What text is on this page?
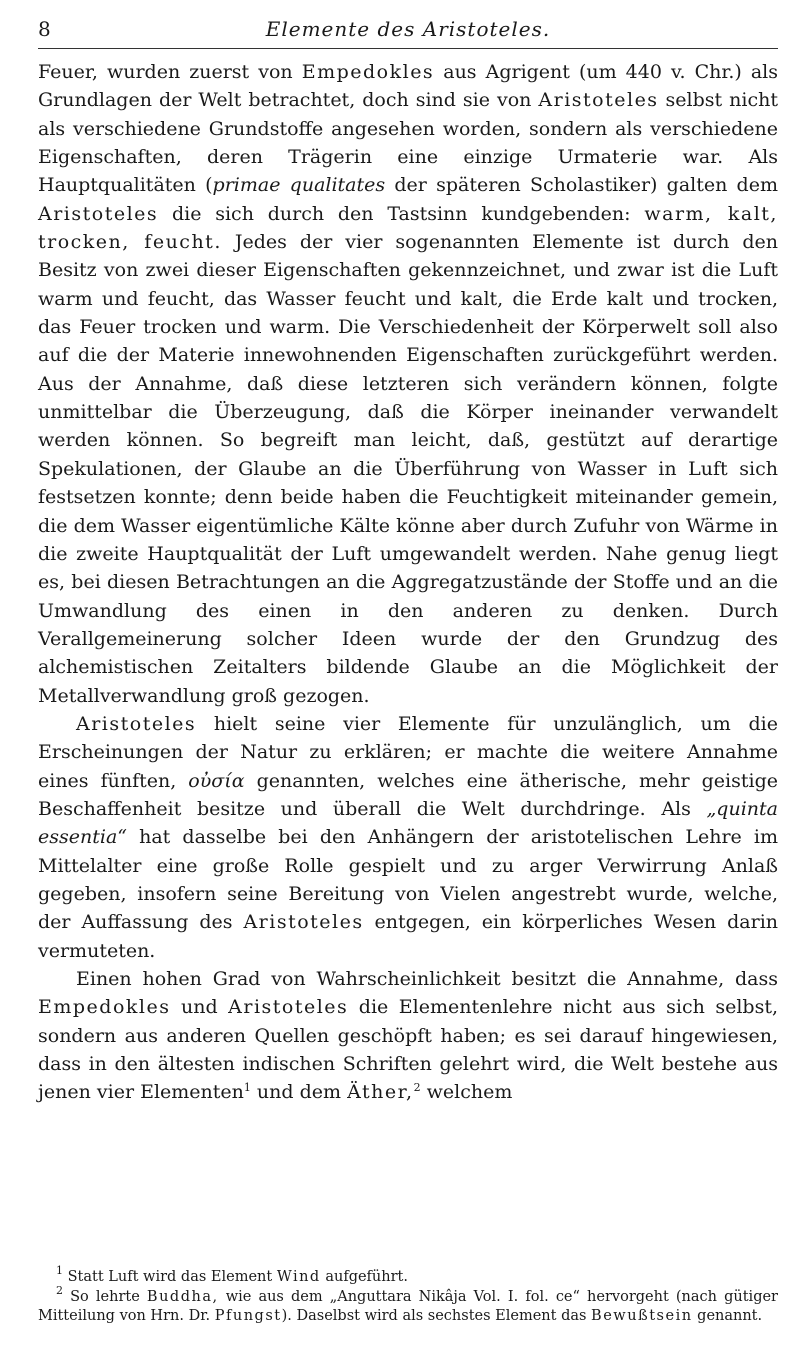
8	Elemente des Aristoteles.

Feuer, wurden zuerst von Empedokles aus Agrigent (um 440 v. Chr.) als Grundlagen der Welt betrachtet, doch sind sie von Aristoteles selbst nicht als verschiedene Grundstoffe angesehen worden, sondern als verschiedene Eigenschaften, deren Trägerin eine einzige Urmaterie war. Als Hauptqualitäten (primae qualitates der späteren Scholastiker) galten dem Aristoteles die sich durch den Tastsinn kundgebenden: warm, kalt, trocken, feucht. Jedes der vier sogenannten Elemente ist durch den Besitz von zwei dieser Eigenschaften gekennzeichnet, und zwar ist die Luft warm und feucht, das Wasser feucht und kalt, die Erde kalt und trocken, das Feuer trocken und warm. Die Verschiedenheit der Körperwelt soll also auf die der Materie innewohnenden Eigenschaften zurückgeführt werden. Aus der Annahme, daß diese letzteren sich verändern können, folgte unmittelbar die Überzeugung, daß die Körper ineinander verwandelt werden können. So begreift man leicht, daß, gestützt auf derartige Spekulationen, der Glaube an die Überführung von Wasser in Luft sich festsetzen konnte; denn beide haben die Feuchtigkeit miteinander gemein, die dem Wasser eigentümliche Kälte könne aber durch Zufuhr von Wärme in die zweite Hauptqualität der Luft umgewandelt werden. Nahe genug liegt es, bei diesen Betrachtungen an die Aggregatzustände der Stoffe und an die Umwandlung des einen in den anderen zu denken. Durch Verallgemeinerung solcher Ideen wurde der den Grundzug des alchemistischen Zeitalters bildende Glaube an die Möglichkeit der Metallverwandlung groß gezogen.

Aristoteles hielt seine vier Elemente für unzulänglich, um die Erscheinungen der Natur zu erklären; er machte die weitere Annahme eines fünften, οὐσία genannten, welches eine ätherische, mehr geistige Beschaffenheit besitze und überall die Welt durchdringe. Als „quinta essentia“ hat dasselbe bei den Anhängern der aristotelischen Lehre im Mittelalter eine große Rolle gespielt und zu arger Verwirrung Anlaß gegeben, insofern seine Bereitung von Vielen angestrebt wurde, welche, der Auffassung des Aristoteles entgegen, ein körperliches Wesen darin vermuteten.

Einen hohen Grad von Wahrscheinlichkeit besitzt die Annahme, dass Empedokles und Aristoteles die Elementenlehre nicht aus sich selbst, sondern aus anderen Quellen geschöpft haben; es sei darauf hingewiesen, dass in den ältesten indischen Schriften gelehrt wird, die Welt bestehe aus jenen vier Elementen$^1$ und dem Äther,$^2$ welchem

$^1$ Statt Luft wird das Element Wind aufgeführt.

$^2$ So lehrte Buddha, wie aus dem „Anguttara Nikâja Vol. I. fol. ce“ hervorgeht (nach gütiger Mitteilung von Hrn. Dr. Pfungst). Daselbst wird als sechstes Element das Bewußtsein genannt.
